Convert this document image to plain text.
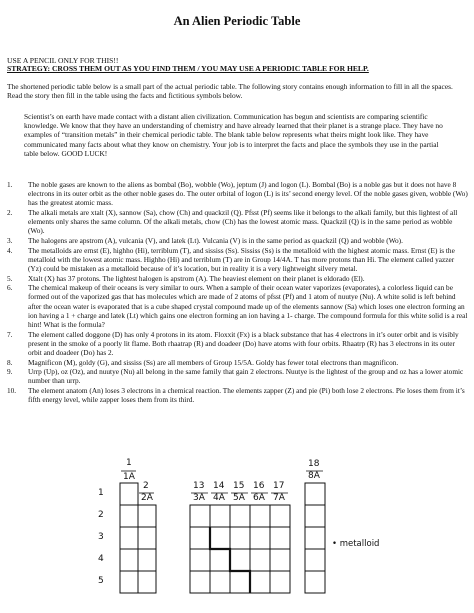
An Alien Periodic Table
USE A PENCIL ONLY FOR THIS!!
STRATEGY: CROSS THEM OUT AS YOU FIND THEM / YOU MAY USE A PERIODIC TABLE FOR HELP.
The shortened periodic table below is a small part of the actual periodic table. The following story contains enough information to fill in all the spaces. Read the story then fill in the table using the facts and fictitious symbols below.
Scientist’s on earth have made contact with a distant alien civilization. Communication has begun and scientists are comparing scientific knowledge. We know that they have an understanding of chemistry and have already learned that their planet is a strange place. They have no examples of “transition metals” in their chemical periodic table. The blank table below represents what theirs might look like. They have communicated many facts about what they know on chemistry. Your job is to interpret the facts and place the symbols they use in the partial table below. GOOD LUCK!
1. The noble gases are known to the aliens as bombal (Bo), wobble (Wo), jeptum (J) and logon (L). Bombal (Bo) is a noble gas but it does not have 8 electrons in its outer orbit as the other noble gases do. The outer orbital of logon (L) is its’ second energy level. Of the noble gases given, wobble (Wo) has the greatest atomic mass.
2. The alkali metals are xtalt (X), sannow (Sa), chow (Ch) and quackzil (Q). Pfsst (Pf) seems like it belongs to the alkali family, but this lightest of all elements only shares the same column. Of the alkali metals, chow (Ch) has the lowest atomic mass. Quackzil (Q) is in the same period as wobble (Wo).
3. The halogens are apstrom (A), vulcania (V), and latek (Lt). Vulcania (V) is in the same period as quackzil (Q) and wobble (Wo).
4. The metalloids are ernst (E), highho (Hi), terriblum (T), and sississ (Ss). Sississ (Ss) is the metalloid with the highest atomic mass. Ernst (E) is the metalloid with the lowest atomic mass. Highho (Hi) and terriblum (T) are in Group 14/4A. T has more protons than Hi. The element called yazzer (Yz) could be mistaken as a metalloid because of it’s location, but in reality it is a very lightweight silvery metal.
5. Xtalt (X) has 37 protons. The lightest halogen is apstrom (A). The heaviest element on their planet is eldorado (El).
6. The chemical makeup of their oceans is very similar to ours. When a sample of their ocean water vaporizes (evaporates), a colorless liquid can be formed out of the vaporized gas that has molecules which are made of 2 atoms of pfsst (Pf) and 1 atom of nuutye (Nu). A white solid is left behind after the ocean water is evaporated that is a cube shaped crystal compound made up of the elements sannow (Sa) which loses one electron forming an ion having a 1 + charge and latek (Lt) which gains one electron forming an ion having a 1- charge. The compound formula for this white solid is a real hint! What is the formula?
7. The element called doggone (D) has only 4 protons in its atom. Floxxit (Fx) is a black substance that has 4 electrons in it’s outer orbit and is visibly present in the smoke of a poorly lit flame. Both rhaatrap (R) and doadeer (Do) have atoms with four orbits. Rhaatrp (R) has 3 electrons in its outer orbit and doadeer (Do) has 2.
8. Magnificon (M), goldy (G), and sississ (Ss) are all members of Group 15/5A. Goldy has fewer total electrons than magnificon.
9. Urrp (Up), oz (Oz), and nuutye (Nu) all belong in the same family that gain 2 electrons. Nuutye is the lightest of the group and oz has a lower atomic number than urrp.
10. The element anatom (An) loses 3 electrons in a chemical reaction. The elements zapper (Z) and pie (Pi) both lose 2 electrons. Pie loses them from it’s fifth energy level, while zapper loses them from its third.
1
1A
2
2A
13
3A
14
4A
15
5A
16
6A
17
7A
18
8A
1
2
3
4
5
• metalloid
